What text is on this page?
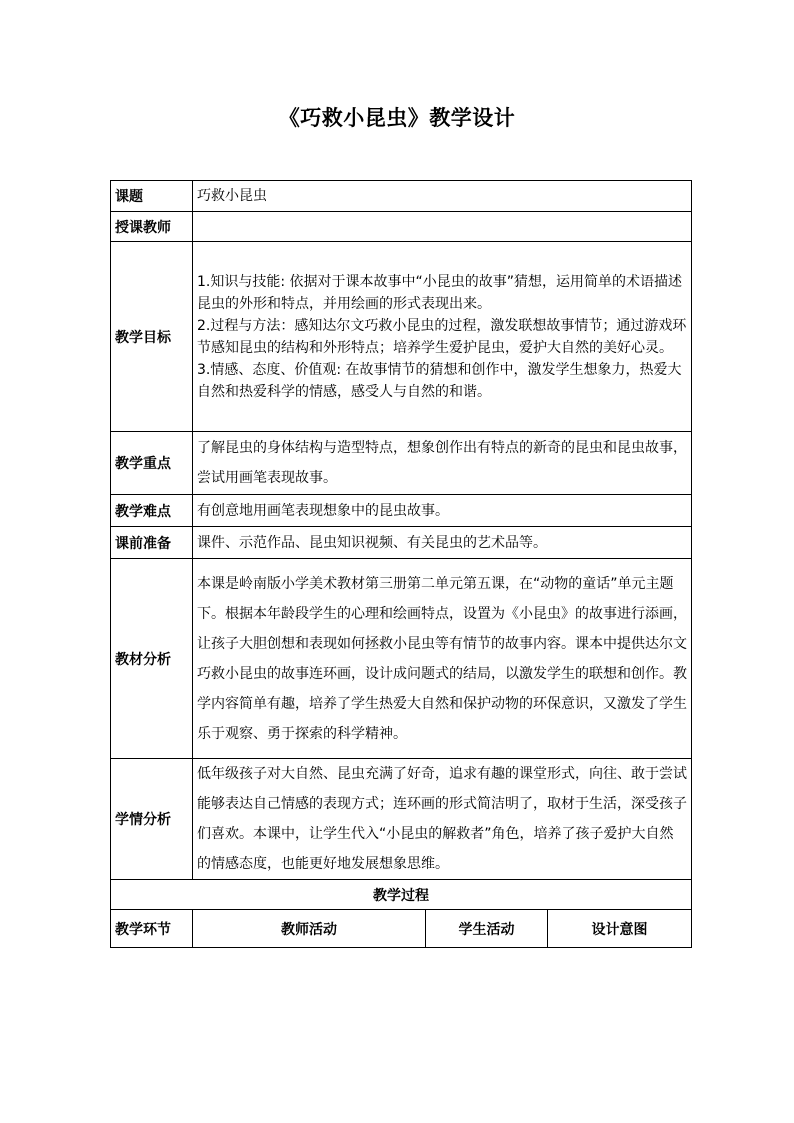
《巧救小昆虫》教学设计
课题	巧救小昆虫		
授课教师			
教学目标	1.知识与技能: 依据对于课本故事中“小昆虫的故事”猜想，运用简单的术语描述昆虫的外形和特点，并用绘画的形式表现出来。
2.过程与方法：感知达尔文巧救小昆虫的过程，激发联想故事情节；通过游戏环节感知昆虫的结构和外形特点；培养学生爱护昆虫，爱护大自然的美好心灵。
3.情感、态度、价值观: 在故事情节的猜想和创作中，激发学生想象力，热爱大自然和热爱科学的情感，感受人与自然的和谐。		

教学重点	了解昆虫的身体结构与造型特点，想象创作出有特点的新奇的昆虫和昆虫故事，尝试用画笔表现故事。		
教学难点	有创意地用画笔表现想象中的昆虫故事。		
课前准备	课件、示范作品、昆虫知识视频、有关昆虫的艺术品等。		
教材分析	本课是岭南版小学美术教材第三册第二单元第五课，在“动物的童话”单元主题下。根据本年龄段学生的心理和绘画特点，设置为《小昆虫》的故事进行添画， 让孩子大胆创想和表现如何拯救小昆虫等有情节的故事内容。课本中提供达尔文巧救小昆虫的故事连环画，设计成问题式的结局，以激发学生的联想和创作。教学内容简单有趣，培养了学生热爱大自然和保护动物的环保意识，又激发了学生乐于观察、勇于探索的科学精神。		
学情分析	低年级孩子对大自然、昆虫充满了好奇，追求有趣的课堂形式，向往、敢于尝试能够表达自己情感的表现方式；连环画的形式简洁明了，取材于生活，深受孩子们喜欢。本课中，让学生代入“小昆虫的解救者”角色，培养了孩子爱护大自然的情感态度，也能更好地发展想象思维。		
教学过程			
教学环节	教师活动	学生活动	设计意图
